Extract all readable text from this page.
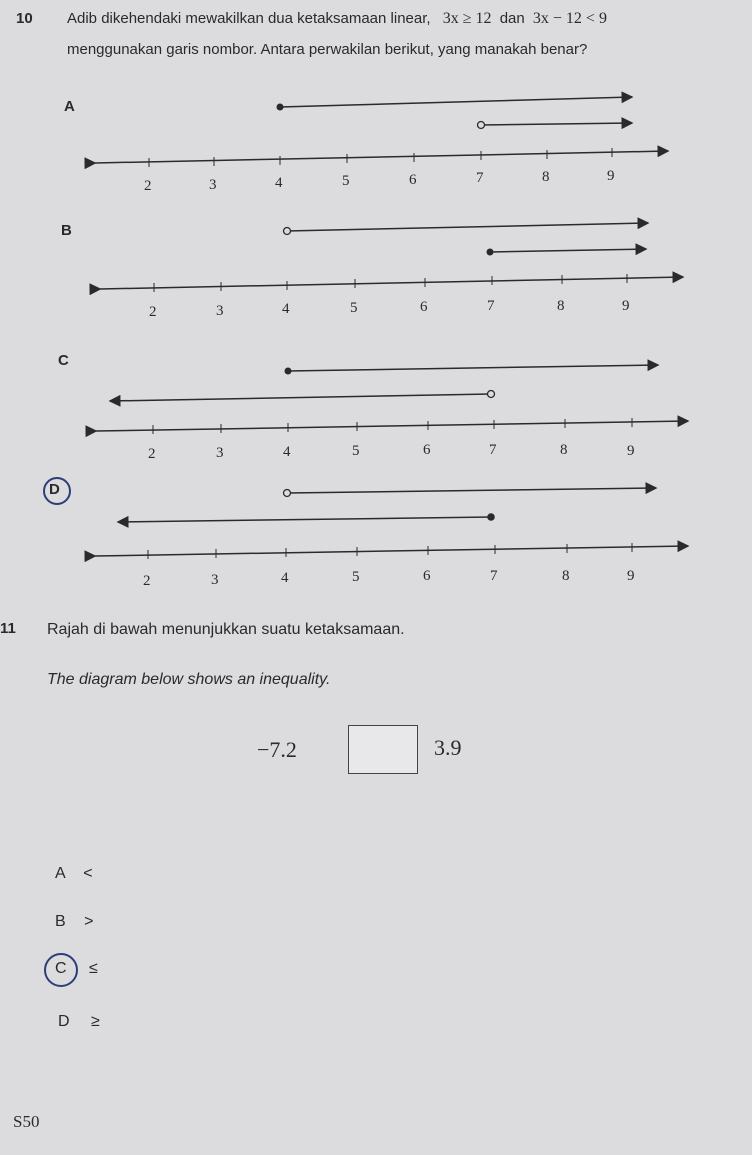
10 Adib dikehendaki mewakilkan dua ketaksamaan linear, 3x ≥ 12 dan 3x − 12 < 9
menggunakan garis nombor. Antara perwakilan berikut, yang manakah benar?
A
B
C
D
2	3	4	5	6	7	8	9
2	3	4	5	6	7	8	9
2	3	4	5	6	7	8	9
2	3	4	5	6	7	8	9
11 Rajah di bawah menunjukkan suatu ketaksamaan.
The diagram below shows an inequality.
−7.2	3.9
A <
B >
C ≤
D ≥
S50
